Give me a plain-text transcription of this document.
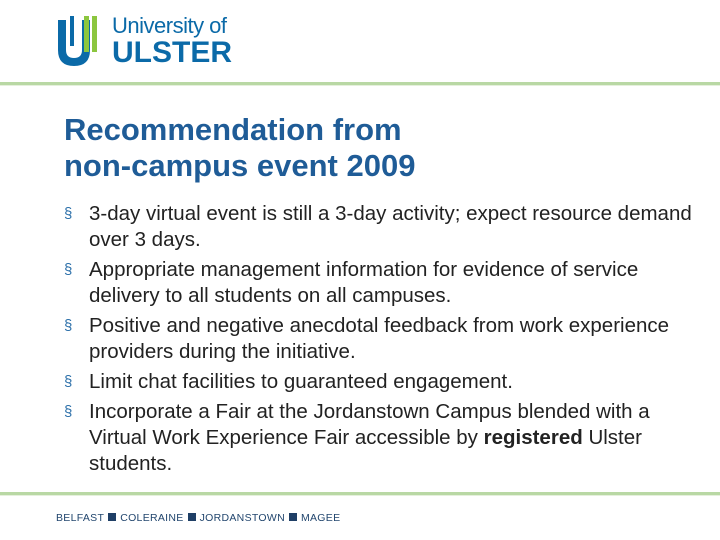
University of
ULSTER
Recommendation from
non-campus event 2009
§ 3-day virtual event is still a 3-day activity; expect resource demand over 3 days.
§ Appropriate management information for evidence of service delivery to all students on all campuses.
§ Positive and negative anecdotal feedback from work experience providers during the initiative.
§ Limit chat facilities to guaranteed engagement.
§ Incorporate a Fair at the Jordanstown Campus blended with a Virtual Work Experience Fair accessible by registered Ulster students.
BELFAST COLERAINE JORDANSTOWN MAGEE
